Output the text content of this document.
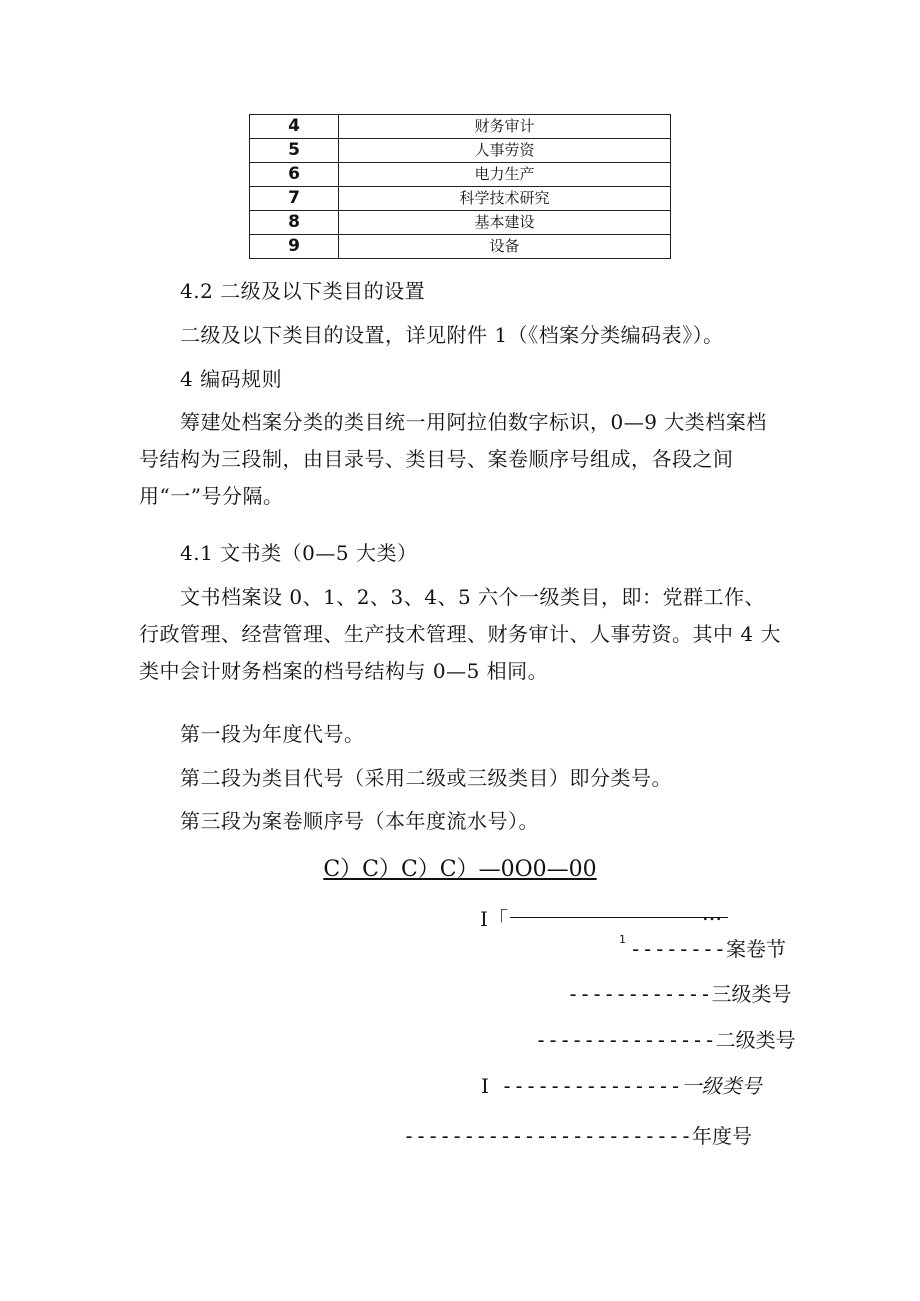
4	财务审计
5	人事劳资
6	电力生产
7	科学技术研究
8	基本建设
9	设备
4.2 二级及以下类目的设置
二级及以下类目的设置，详见附件 1（《档案分类编码表》）。
4 编码规则
筹建处档案分类的类目统一用阿拉伯数字标识，0—9 大类档案档号结构为三段制，由目录号、类目号、案卷顺序号组成，各段之间用“一”号分隔。
4.1 文书类（0—5 大类）
文书档案设 0、1、2、3、4、5 六个一级类目，即：党群工作、行政管理、经营管理、生产技术管理、财务审计、人事劳资。其中 4 大类中会计财务档案的档号结构与 0—5 相同。
第一段为年度代号。
第二段为类目代号（采用二级或三级类目）即分类号。
第三段为案卷顺序号（本年度流水号）。
C）C）C）C）—0O0—00
I「	…
$^1$ --------案卷节
------------三级类号
---------------二级类号
I ---------------一级类号
------------------------年度号
